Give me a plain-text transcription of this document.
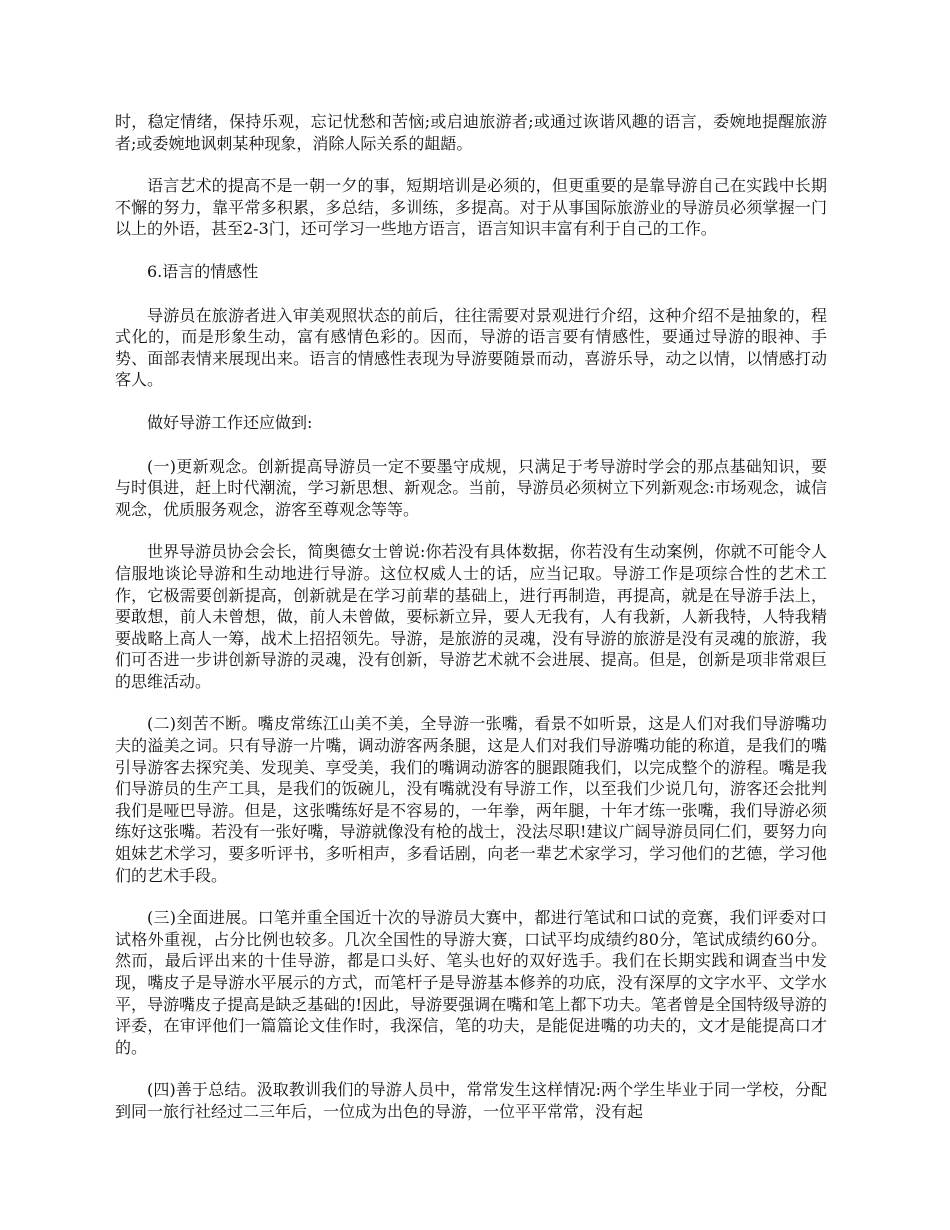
时，稳定情绪，保持乐观，忘记忧愁和苦恼;或启迪旅游者;或通过诙谐风趣的语言，委婉地提醒旅游者;或委婉地讽刺某种现象，消除人际关系的龃龉。

语言艺术的提高不是一朝一夕的事，短期培训是必须的，但更重要的是靠导游自己在实践中长期不懈的努力，靠平常多积累，多总结，多训练，多提高。对于从事国际旅游业的导游员必须掌握一门以上的外语，甚至2-3门，还可学习一些地方语言，语言知识丰富有利于自己的工作。

6.语言的情感性

导游员在旅游者进入审美观照状态的前后，往往需要对景观进行介绍，这种介绍不是抽象的，程式化的，而是形象生动，富有感情色彩的。因而，导游的语言要有情感性，要通过导游的眼神、手势、面部表情来展现出来。语言的情感性表现为导游要随景而动，喜游乐导，动之以情，以情感打动客人。

做好导游工作还应做到:

(一)更新观念。创新提高导游员一定不要墨守成规，只满足于考导游时学会的那点基础知识，要与时俱进，赶上时代潮流，学习新思想、新观念。当前，导游员必须树立下列新观念:市场观念，诚信观念，优质服务观念，游客至尊观念等等。

世界导游员协会会长，简奥德女士曾说:你若没有具体数据，你若没有生动案例，你就不可能令人信服地谈论导游和生动地进行导游。这位权威人士的话，应当记取。导游工作是项综合性的艺术工作，它极需要创新提高，创新就是在学习前辈的基础上，进行再制造，再提高，就是在导游手法上，要敢想，前人未曾想，做，前人未曾做，要标新立异，要人无我有，人有我新，人新我特，人特我精要战略上高人一筹，战术上招招领先。导游，是旅游的灵魂，没有导游的旅游是没有灵魂的旅游，我们可否进一步讲创新导游的灵魂，没有创新，导游艺术就不会进展、提高。但是，创新是项非常艰巨的思维活动。

(二)刻苦不断。嘴皮常练江山美不美，全导游一张嘴，看景不如听景，这是人们对我们导游嘴功夫的溢美之词。只有导游一片嘴，调动游客两条腿，这是人们对我们导游嘴功能的称道，是我们的嘴引导游客去探究美、发现美、享受美，我们的嘴调动游客的腿跟随我们，以完成整个的游程。嘴是我们导游员的生产工具，是我们的饭碗儿，没有嘴就没有导游工作，以至我们少说几句，游客还会批判我们是哑巴导游。但是，这张嘴练好是不容易的，一年拳，两年腿，十年才练一张嘴，我们导游必须练好这张嘴。若没有一张好嘴，导游就像没有枪的战士，没法尽职!建议广阔导游员同仁们，要努力向姐妹艺术学习，要多听评书，多听相声，多看话剧，向老一辈艺术家学习，学习他们的艺德，学习他们的艺术手段。

(三)全面进展。口笔并重全国近十次的导游员大赛中，都进行笔试和口试的竞赛，我们评委对口试格外重视，占分比例也较多。几次全国性的导游大赛，口试平均成绩约80分，笔试成绩约60分。然而，最后评出来的十佳导游，都是口头好、笔头也好的双好选手。我们在长期实践和调查当中发现，嘴皮子是导游水平展示的方式，而笔杆子是导游基本修养的功底，没有深厚的文字水平、文学水平，导游嘴皮子提高是缺乏基础的!因此，导游要强调在嘴和笔上都下功夫。笔者曾是全国特级导游的评委，在审评他们一篇篇论文佳作时，我深信，笔的功夫，是能促进嘴的功夫的，文才是能提高口才的。

(四)善于总结。汲取教训我们的导游人员中，常常发生这样情况:两个学生毕业于同一学校，分配到同一旅行社经过二三年后，一位成为出色的导游，一位平平常常，没有起
